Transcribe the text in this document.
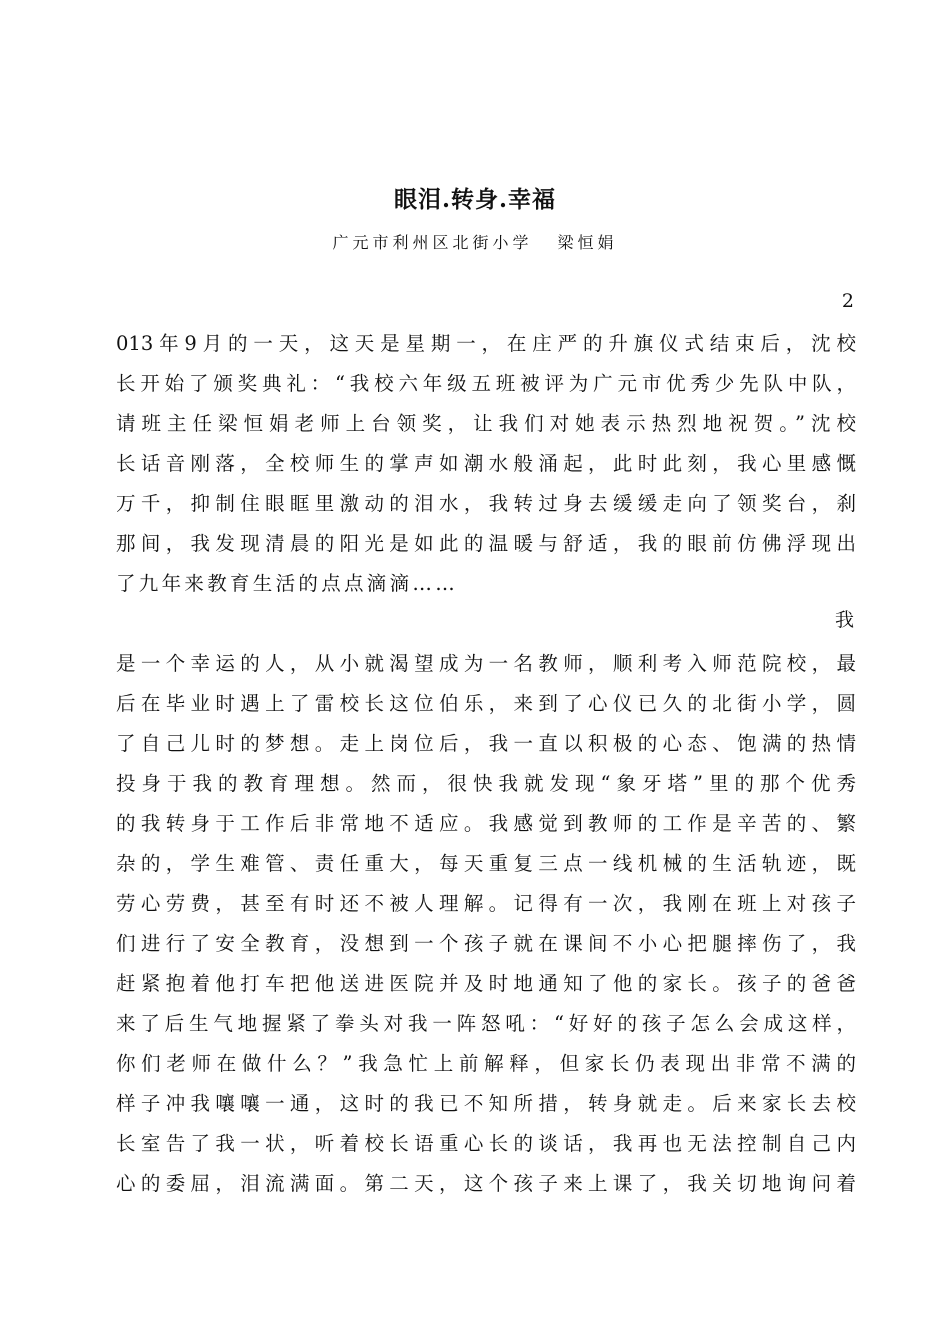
眼泪.转身.幸福

广元市利州区北街小学 梁恒娟

2
013年9月的一天，这天是星期一，在庄严的升旗仪式结束后，沈校
长开始了颁奖典礼：“我校六年级五班被评为广元市优秀少先队中队，
请班主任梁恒娟老师上台领奖，让我们对她表示热烈地祝贺。”沈校
长话音刚落，全校师生的掌声如潮水般涌起，此时此刻，我心里感慨
万千，抑制住眼眶里激动的泪水，我转过身去缓缓走向了领奖台，刹
那间，我发现清晨的阳光是如此的温暖与舒适，我的眼前仿佛浮现出
了九年来教育生活的点点滴滴……
我
是一个幸运的人，从小就渴望成为一名教师，顺利考入师范院校，最
后在毕业时遇上了雷校长这位伯乐，来到了心仪已久的北街小学，圆
了自己儿时的梦想。走上岗位后，我一直以积极的心态、饱满的热情
投身于我的教育理想。然而，很快我就发现“象牙塔”里的那个优秀
的我转身于工作后非常地不适应。我感觉到教师的工作是辛苦的、繁
杂的，学生难管、责任重大，每天重复三点一线机械的生活轨迹，既
劳心劳费，甚至有时还不被人理解。记得有一次，我刚在班上对孩子
们进行了安全教育，没想到一个孩子就在课间不小心把腿摔伤了，我
赶紧抱着他打车把他送进医院并及时地通知了他的家长。孩子的爸爸
来了后生气地握紧了拳头对我一阵怒吼：“好好的孩子怎么会成这样，
你们老师在做什么？”我急忙上前解释，但家长仍表现出非常不满的
样子冲我嚷嚷一通，这时的我已不知所措，转身就走。后来家长去校
长室告了我一状，听着校长语重心长的谈话，我再也无法控制自己内
心的委屈，泪流满面。第二天，这个孩子来上课了，我关切地询问着
